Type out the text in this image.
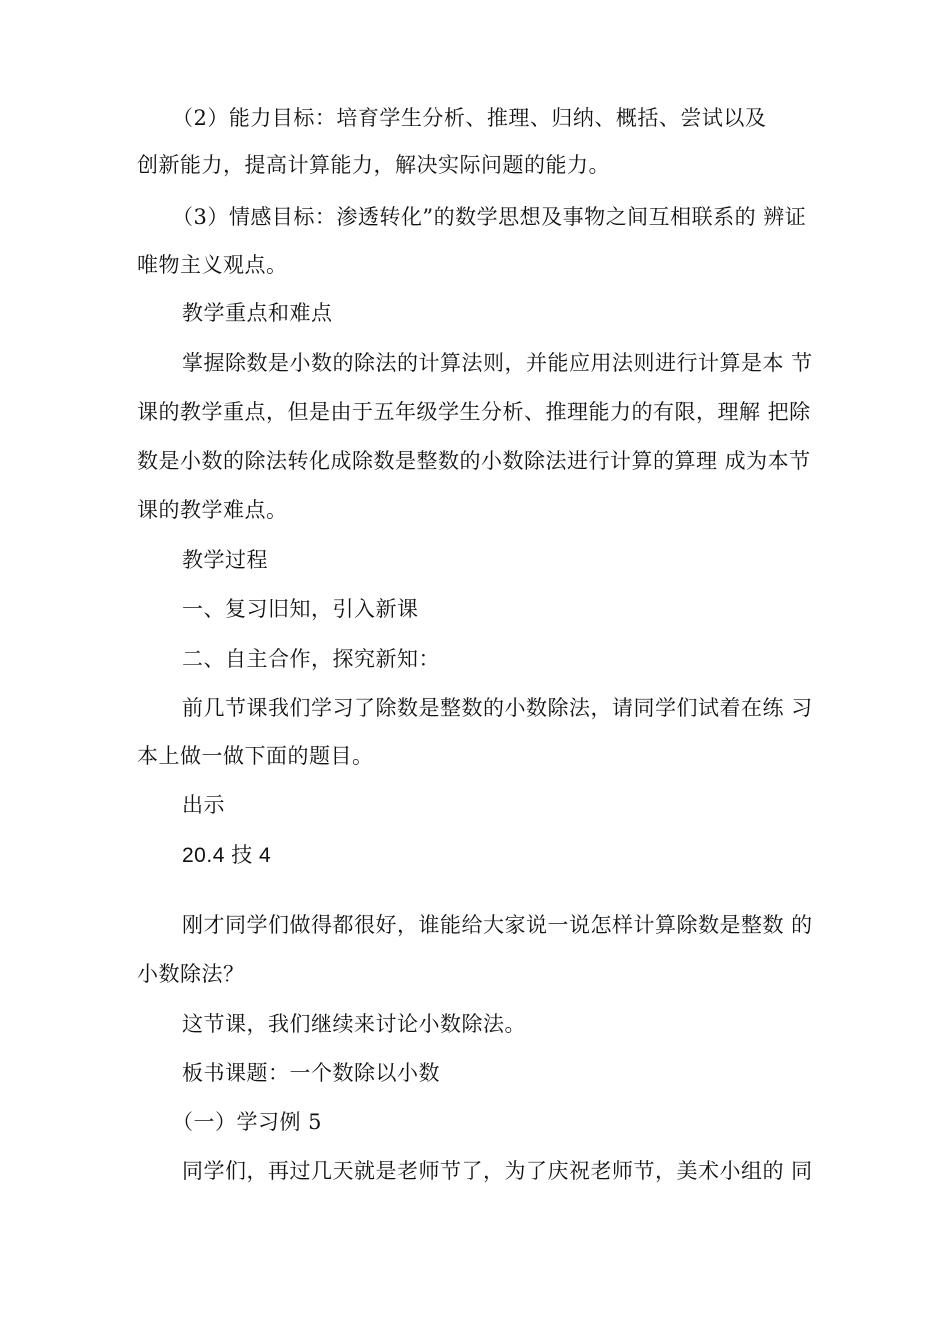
（2）能力目标：培育学生分析、推理、归纳、概括、尝试以及
创新能力，提高计算能力，解决实际问题的能力。
（3）情感目标：渗透转化”的数学思想及事物之间互相联系的 辨证
唯物主义观点。
教学重点和难点
掌握除数是小数的除法的计算法则，并能应用法则进行计算是本 节
课的教学重点，但是由于五年级学生分析、推理能力的有限，理解 把除
数是小数的除法转化成除数是整数的小数除法进行计算的算理 成为本节
课的教学难点。
教学过程
一、复习旧知，引入新课
二、自主合作，探究新知：
前几节课我们学习了除数是整数的小数除法，请同学们试着在练 习
本上做一做下面的题目。
出示
20.4 技 4
刚才同学们做得都很好，谁能给大家说一说怎样计算除数是整数 的
小数除法？
这节课，我们继续来讨论小数除法。
板书课题：一个数除以小数
（一）学习例 5
同学们，再过几天就是老师节了，为了庆祝老师节，美术小组的 同
